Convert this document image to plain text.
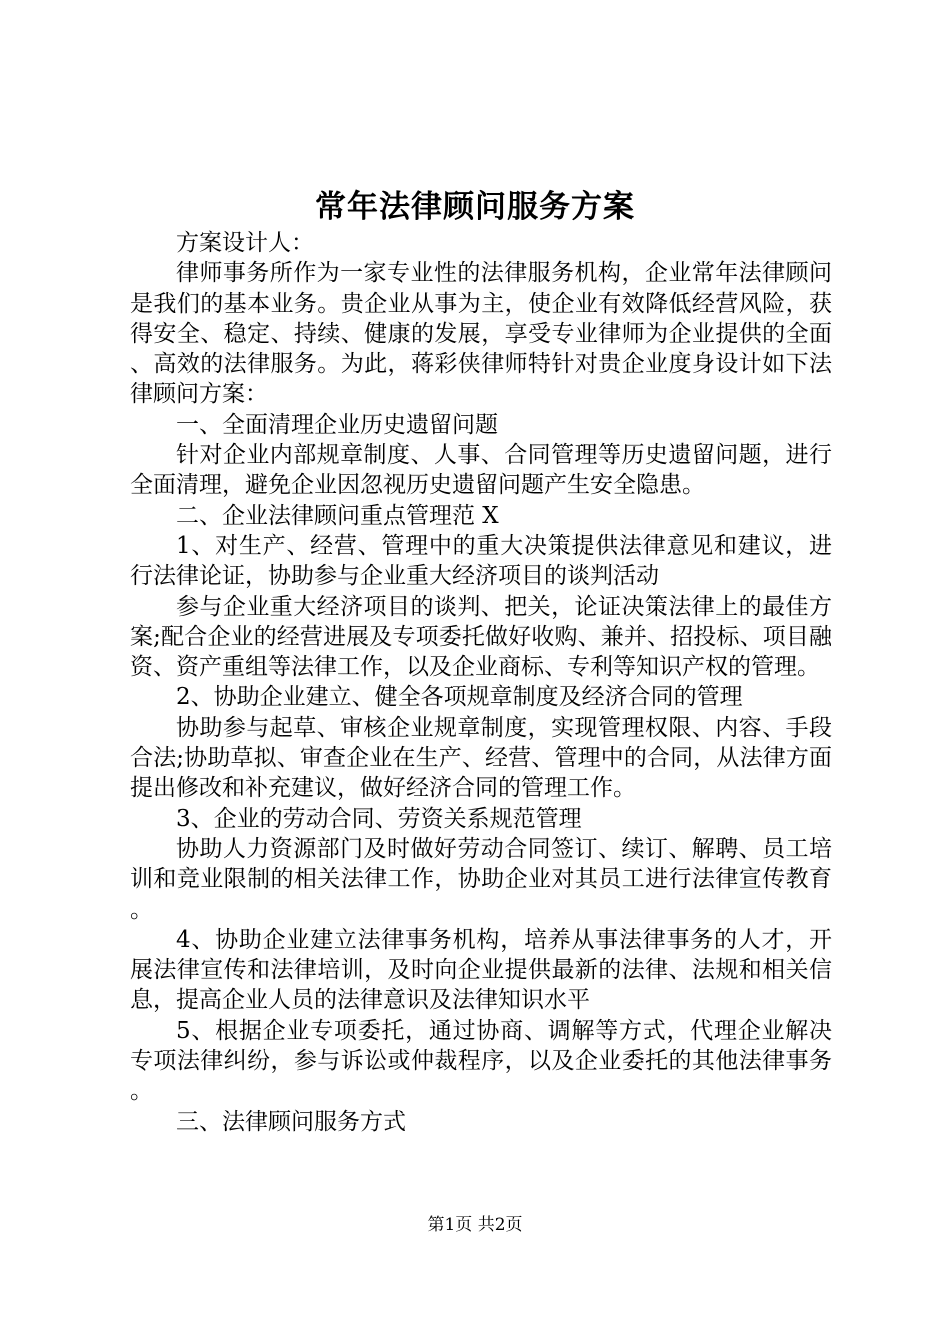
常年法律顾问服务方案

方案设计人：

律师事务所作为一家专业性的法律服务机构，企业常年法律顾问是我们的基本业务。贵企业从事为主，使企业有效降低经营风险，获得安全、稳定、持续、健康的发展，享受专业律师为企业提供的全面、高效的法律服务。为此，蒋彩侠律师特针对贵企业度身设计如下法律顾问方案：

一、全面清理企业历史遗留问题

针对企业内部规章制度、人事、合同管理等历史遗留问题，进行全面清理，避免企业因忽视历史遗留问题产生安全隐患。

二、企业法律顾问重点管理范 X

1、对生产、经营、管理中的重大决策提供法律意见和建议，进行法律论证，协助参与企业重大经济项目的谈判活动

参与企业重大经济项目的谈判、把关，论证决策法律上的最佳方案;配合企业的经营进展及专项委托做好收购、兼并、招投标、项目融资、资产重组等法律工作，以及企业商标、专利等知识产权的管理。

2、协助企业建立、健全各项规章制度及经济合同的管理

协助参与起草、审核企业规章制度，实现管理权限、内容、手段合法;协助草拟、审查企业在生产、经营、管理中的合同，从法律方面提出修改和补充建议，做好经济合同的管理工作。

3、企业的劳动合同、劳资关系规范管理

协助人力资源部门及时做好劳动合同签订、续订、解聘、员工培训和竞业限制的相关法律工作，协助企业对其员工进行法律宣传教育。

4、协助企业建立法律事务机构，培养从事法律事务的人才，开展法律宣传和法律培训，及时向企业提供最新的法律、法规和相关信息，提高企业人员的法律意识及法律知识水平

5、根据企业专项委托，通过协商、调解等方式，代理企业解决专项法律纠纷，参与诉讼或仲裁程序，以及企业委托的其他法律事务。

三、法律顾问服务方式

第1页 共2页
